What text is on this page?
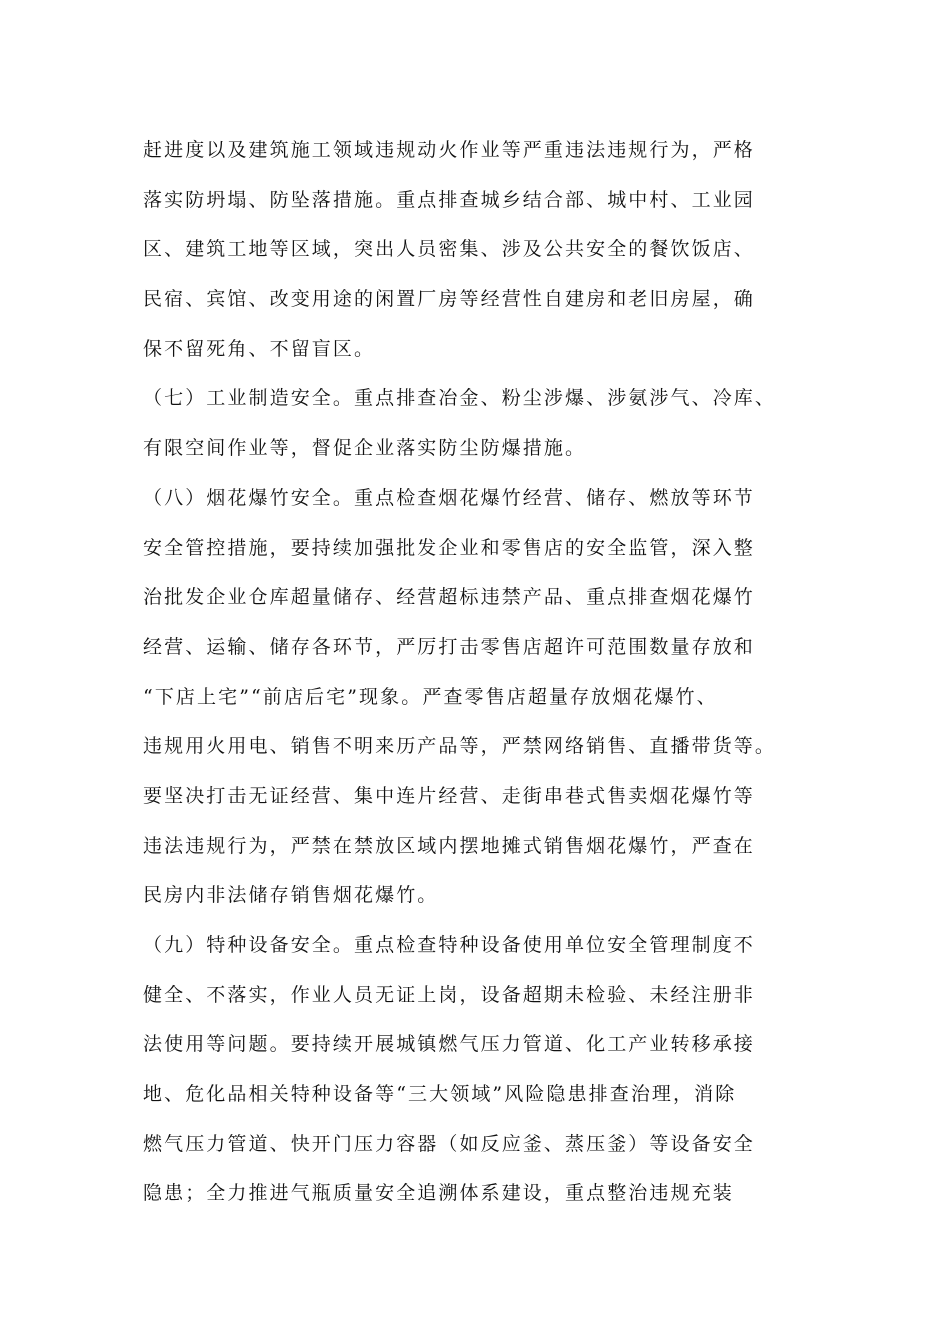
赶进度以及建筑施工领域违规动火作业等严重违法违规行为，严格
落实防坍塌、防坠落措施。重点排查城乡结合部、城中村、工业园
区、建筑工地等区域，突出人员密集、涉及公共安全的餐饮饭店、
民宿、宾馆、改变用途的闲置厂房等经营性自建房和老旧房屋，确
保不留死角、不留盲区。
（七）工业制造安全。重点排查冶金、粉尘涉爆、涉氨涉气、冷库、
有限空间作业等，督促企业落实防尘防爆措施。
（八）烟花爆竹安全。重点检查烟花爆竹经营、储存、燃放等环节
安全管控措施，要持续加强批发企业和零售店的安全监管，深入整
治批发企业仓库超量储存、经营超标违禁产品、重点排查烟花爆竹
经营、运输、储存各环节，严厉打击零售店超许可范围数量存放和
“下店上宅”“前店后宅”现象。严查零售店超量存放烟花爆竹、
违规用火用电、销售不明来历产品等，严禁网络销售、直播带货等。
要坚决打击无证经营、集中连片经营、走街串巷式售卖烟花爆竹等
违法违规行为，严禁在禁放区域内摆地摊式销售烟花爆竹，严查在
民房内非法储存销售烟花爆竹。
（九）特种设备安全。重点检查特种设备使用单位安全管理制度不
健全、不落实，作业人员无证上岗，设备超期未检验、未经注册非
法使用等问题。要持续开展城镇燃气压力管道、化工产业转移承接
地、危化品相关特种设备等“三大领域”风险隐患排查治理，消除
燃气压力管道、快开门压力容器（如反应釜、蒸压釜）等设备安全
隐患；全力推进气瓶质量安全追溯体系建设，重点整治违规充装
